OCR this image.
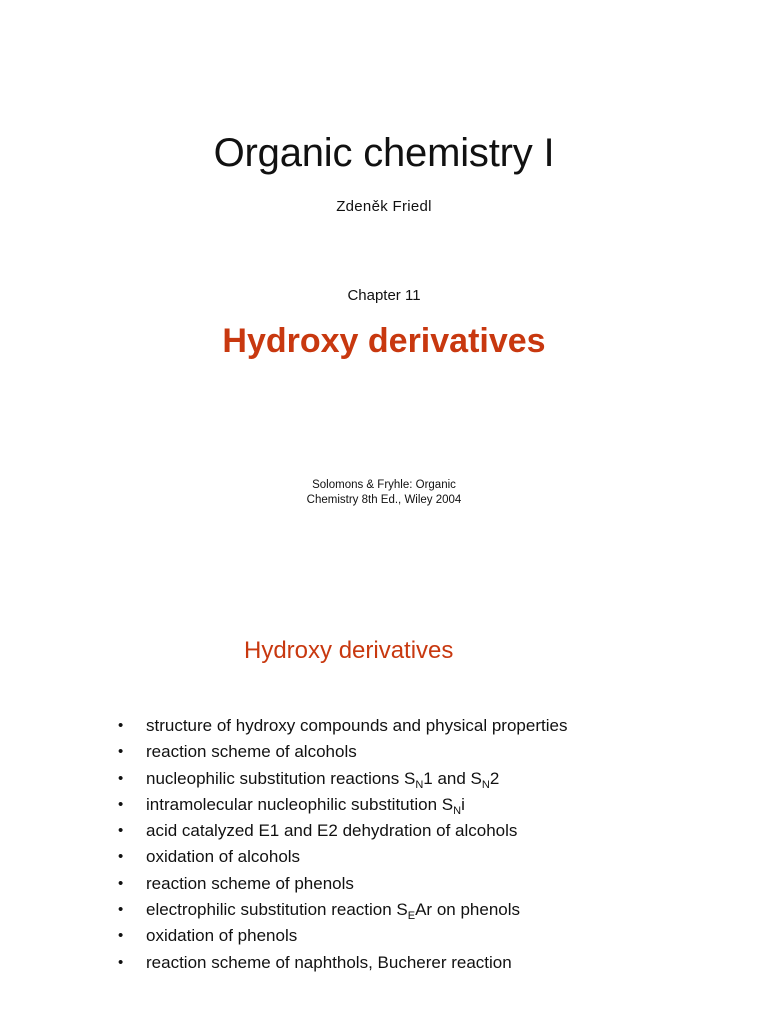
Organic chemistry I
Zdeněk Friedl
Chapter 11
Hydroxy derivatives
Solomons & Fryhle: Organic
Chemistry 8th Ed., Wiley 2004
Hydroxy derivatives
• structure of hydroxy compounds and physical properties
• reaction scheme of alcohols
• nucleophilic substitution reactions $S_N1$ and $S_N2$
• intramolecular nucleophilic substitution $S_Ni$
• acid catalyzed E1 and E2 dehydration of alcohols
• oxidation of alcohols
• reaction scheme of phenols
• electrophilic substitution reaction $S_EAr$ on phenols
• oxidation of phenols
• reaction scheme of naphthols, Bucherer reaction
